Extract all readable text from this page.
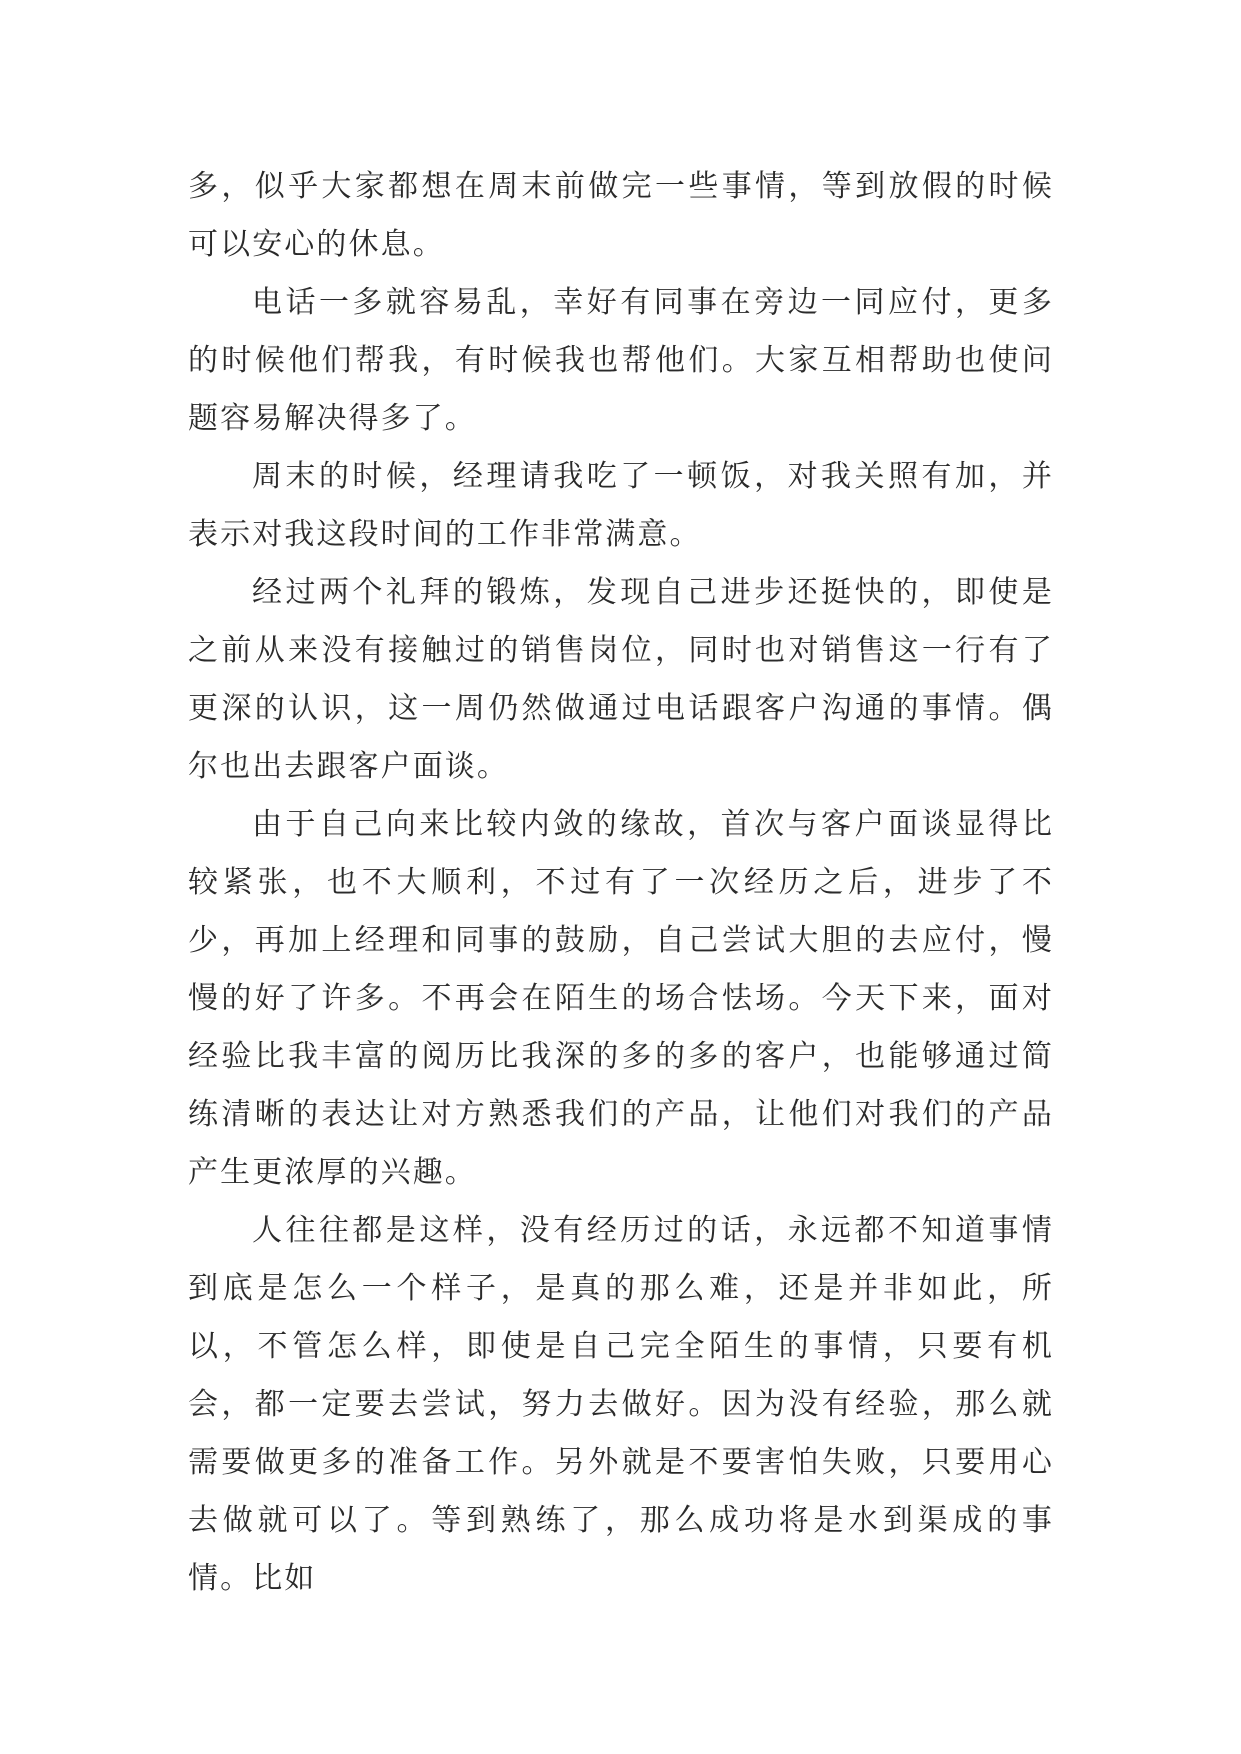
多，似乎大家都想在周末前做完一些事情，等到放假的时候可以安心的休息。

电话一多就容易乱，幸好有同事在旁边一同应付，更多的时候他们帮我，有时候我也帮他们。大家互相帮助也使问题容易解决得多了。

周末的时候，经理请我吃了一顿饭，对我关照有加，并表示对我这段时间的工作非常满意。

经过两个礼拜的锻炼，发现自己进步还挺快的，即使是之前从来没有接触过的销售岗位，同时也对销售这一行有了更深的认识，这一周仍然做通过电话跟客户沟通的事情。偶尔也出去跟客户面谈。

由于自己向来比较内敛的缘故，首次与客户面谈显得比较紧张，也不大顺利，不过有了一次经历之后，进步了不少，再加上经理和同事的鼓励，自己尝试大胆的去应付，慢慢的好了许多。不再会在陌生的场合怯场。今天下来，面对经验比我丰富的阅历比我深的多的多的客户，也能够通过简练清晰的表达让对方熟悉我们的产品，让他们对我们的产品产生更浓厚的兴趣。

人往往都是这样，没有经历过的话，永远都不知道事情到底是怎么一个样子，是真的那么难，还是并非如此，所以，不管怎么样，即使是自己完全陌生的事情，只要有机会，都一定要去尝试，努力去做好。因为没有经验，那么就需要做更多的准备工作。另外就是不要害怕失败，只要用心去做就可以了。等到熟练了，那么成功将是水到渠成的事情。比如
